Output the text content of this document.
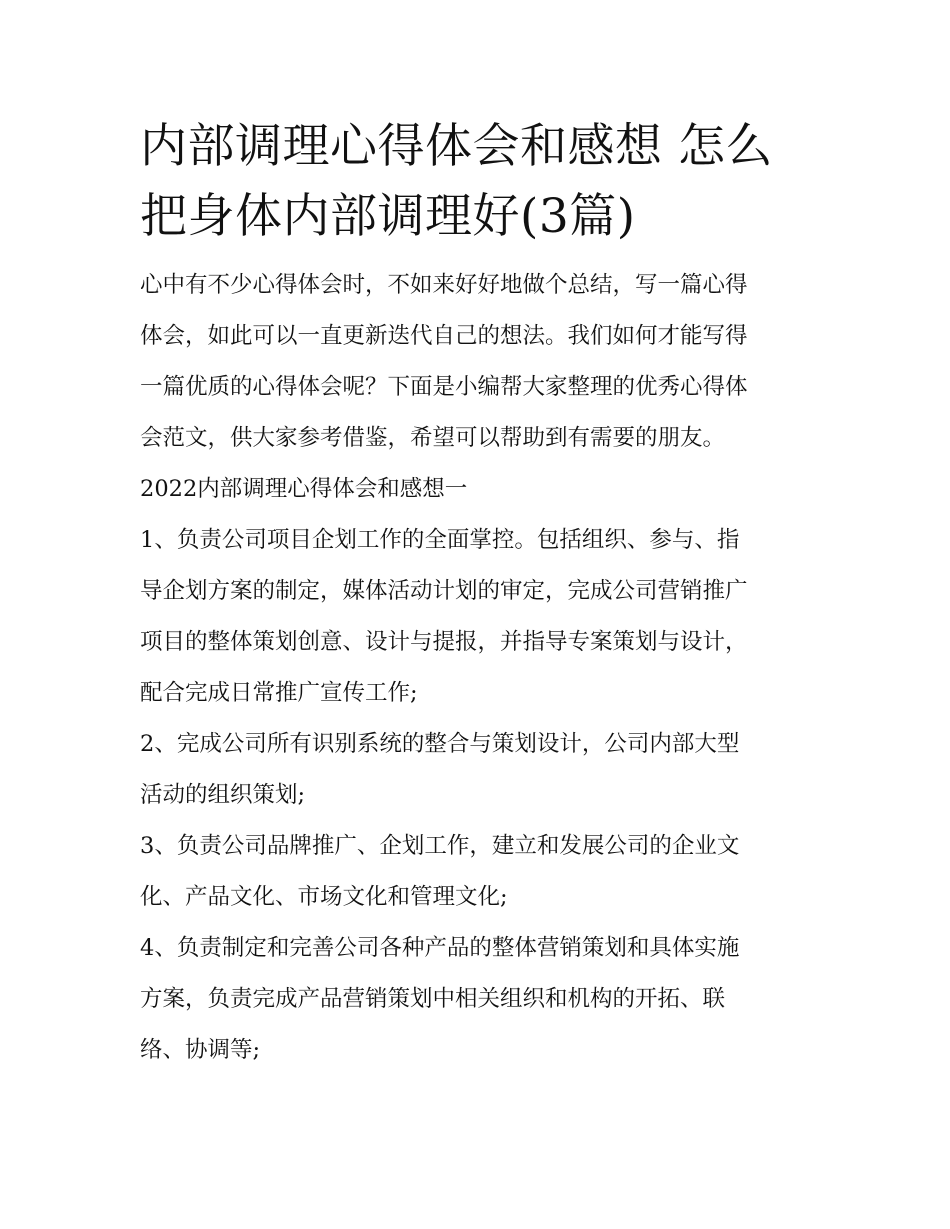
内部调理心得体会和感想 怎么
把身体内部调理好(3篇)

心中有不少心得体会时，不如来好好地做个总结，写一篇心得
体会，如此可以一直更新迭代自己的想法。我们如何才能写得
一篇优质的心得体会呢？下面是小编帮大家整理的优秀心得体
会范文，供大家参考借鉴，希望可以帮助到有需要的朋友。

2022内部调理心得体会和感想一

1、负责公司项目企划工作的全面掌控。包括组织、参与、指
导企划方案的制定，媒体活动计划的审定，完成公司营销推广
项目的整体策划创意、设计与提报，并指导专案策划与设计，
配合完成日常推广宣传工作;

2、完成公司所有识别系统的整合与策划设计，公司内部大型
活动的组织策划;

3、负责公司品牌推广、企划工作，建立和发展公司的企业文
化、产品文化、市场文化和管理文化;

4、负责制定和完善公司各种产品的整体营销策划和具体实施
方案，负责完成产品营销策划中相关组织和机构的开拓、联
络、协调等;
